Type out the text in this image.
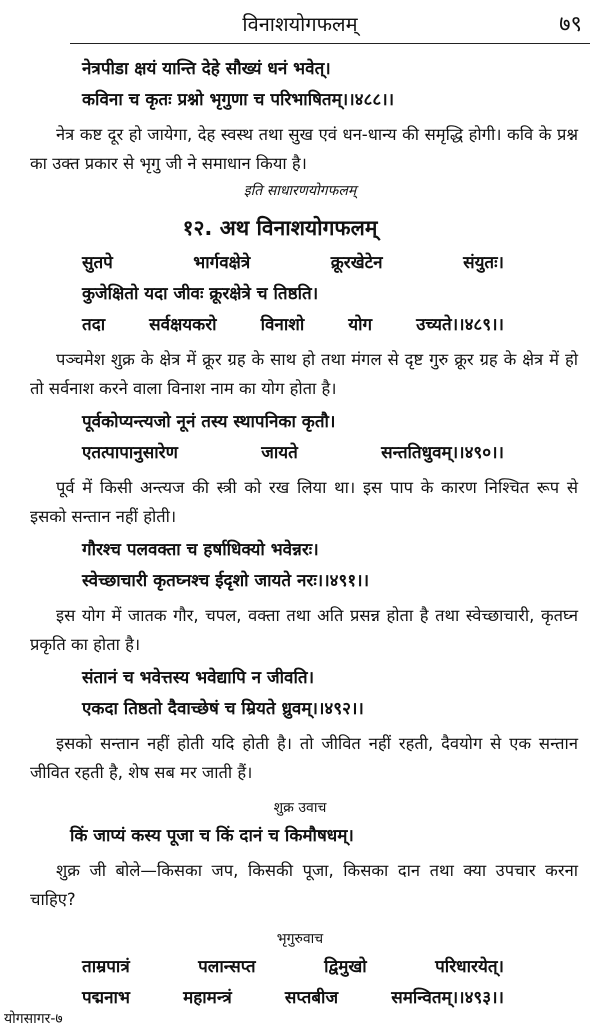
विनाशयोगफलम्	७९
नेत्रपीडा क्षयं यान्ति देहे सौख्यं धनं भवेत्।
कविना च कृतः प्रश्नो भृगुणा च परिभाषितम्।।४८८।।
नेत्र कष्ट दूर हो जायेगा, देह स्वस्थ तथा सुख एवं धन-धान्य की समृद्धि होगी। कवि के प्रश्न का उक्त प्रकार से भृगु जी ने समाधान किया है।
इति साधारणयोगफलम्
१२. अथ विनाशयोगफलम्
सुतपे	भार्गवक्षेत्रे	क्रूरखेटेन	संयुतः।
कुजेक्षितो यदा जीवः क्रूरक्षेत्रे च तिष्ठति।
तदा	सर्वक्षयकरो	विनाशो	योग	उच्यते।।४८९।।
पञ्चमेश शुक्र के क्षेत्र में क्रूर ग्रह के साथ हो तथा मंगल से दृष्ट गुरु क्रूर ग्रह के क्षेत्र में हो तो सर्वनाश करने वाला विनाश नाम का योग होता है।
पूर्वकोप्यन्त्यजो नूनं तस्य स्थापनिका कृतौ।
एतत्पापानुसारेण	जायते	सन्ततिधुवम्।।४९०।।
पूर्व में किसी अन्त्यज की स्त्री को रख लिया था। इस पाप के कारण निश्चित रूप से इसको सन्तान नहीं होती।
गौरश्च पलवक्ता च हर्षाधिक्यो भवेन्नरः।
स्वेच्छाचारी कृतघ्नश्च ईदृशो जायते नरः।।४९१।।
इस योग में जातक गौर, चपल, वक्ता तथा अति प्रसन्न होता है तथा स्वेच्छाचारी, कृतघ्न प्रकृति का होता है।
संतानं च भवेत्तस्य भवेद्यापि न जीवति।
एकदा तिष्ठतो दैवाच्छेषं च म्रियते ध्रुवम्।।४९२।।
इसको सन्तान नहीं होती यदि होती है। तो जीवित नहीं रहती, दैवयोग से एक सन्तान जीवित रहती है, शेष सब मर जाती हैं।
शुक्र उवाच
किं जाप्यं कस्य पूजा च किं दानं च किमौषधम्।
शुक्र जी बोले—किसका जप, किसकी पूजा, किसका दान तथा क्या उपचार करना चाहिए?
भृगुरुवाच
ताम्रपात्रं	पलान्सप्त	द्विमुखो	परिधारयेत्।
पद्मनाभ	महामन्त्रं	सप्तबीज	समन्वितम्।।४९३।।
योगसागर-७
